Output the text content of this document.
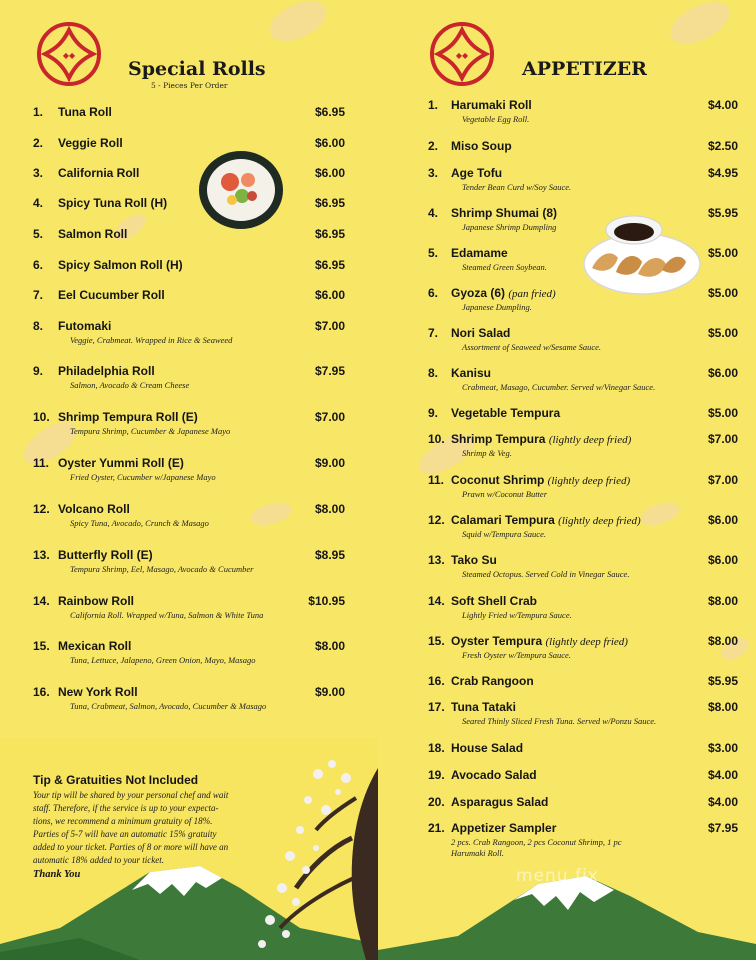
◆◆
Special Rolls
5 - Pieces Per Order
1. Tuna Roll	$6.95
2. Veggie Roll	$6.00
3. California Roll	$6.00
4. Spicy Tuna Roll (H)	$6.95
5. Salmon Roll	$6.95
6. Spicy Salmon Roll (H)	$6.95
7. Eel Cucumber Roll	$6.00
8. Futomaki	$7.00
Veggie, Crabmeat. Wrapped in Rice & Seaweed
9. Philadelphia Roll	$7.95
Salmon, Avocado & Cream Cheese
10. Shrimp Tempura Roll (E)	$7.00
Tempura Shrimp, Cucumber & Japanese Mayo
11. Oyster Yummi Roll (E)	$9.00
Fried Oyster, Cucumber w/Japanese Mayo
12. Volcano Roll	$8.00
Spicy Tuna, Avocado, Crunch & Masago
13. Butterfly Roll (E)	$8.95
Tempura Shrimp, Eel, Masago, Avocado & Cucumber
14. Rainbow Roll	$10.95
California Roll. Wrapped w/Tuna, Salmon & White Tuna
15. Mexican Roll	$8.00
Tuna, Lettuce, Jalapeno, Green Onion, Mayo, Masago
16. New York Roll	$9.00
Tuna, Crabmeat, Salmon, Avocado, Cucumber & Masago

Tip & Gratuities Not Included

Your tip will be shared by your personal chef and wait
staff. Therefore, if the service is up to your expecta-
tions, we recommend a minimum gratuity of 18%.
Parties of 5-7 will have an automatic 15% gratuity
added to your ticket. Parties of 8 or more will have an
automatic 18% added to your ticket.

Thank You
◆◆
APPETIZER
1. Harumaki Roll	$4.00
Vegetable Egg Roll.
2. Miso Soup	$2.50
3. Age Tofu	$4.95
Tender Bean Curd w/Soy Sauce.
4. Shrimp Shumai (8)	$5.95
Japanese Shrimp Dumpling
5. Edamame	$5.00
Steamed Green Soybean.
6. Gyoza (6) (pan fried)	$5.00
Japanese Dumpling.
7. Nori Salad	$5.00
Assortment of Seaweed w/Sesame Sauce.
8. Kanisu	$6.00
Crabmeat, Masago, Cucumber. Served w/Vinegar Sauce.
9. Vegetable Tempura	$5.00
10. Shrimp Tempura (lightly deep fried)	$7.00
Shrimp & Veg.
11. Coconut Shrimp (lightly deep fried)	$7.00
Prawn w/Coconut Butter
12. Calamari Tempura (lightly deep fried)	$6.00
Squid w/Tempura Sauce.
13. Tako Su	$6.00
Steamed Octopus. Served Cold in Vinegar Sauce.
14. Soft Shell Crab	$8.00
Lightly Fried w/Tempura Sauce.
15. Oyster Tempura (lightly deep fried)	$8.00
Fresh Oyster w/Tempura Sauce.
16. Crab Rangoon	$5.95
17. Tuna Tataki	$8.00
Seared Thinly Sliced Fresh Tuna. Served w/Ponzu Sauce.
18. House Salad	$3.00
19. Avocado Salad	$4.00
20. Asparagus Salad	$4.00
21. Appetizer Sampler	$7.95
2 pcs. Crab Rangoon, 2 pcs Coconut Shrimp, 1 pc Harumaki Roll.
menu.fix
